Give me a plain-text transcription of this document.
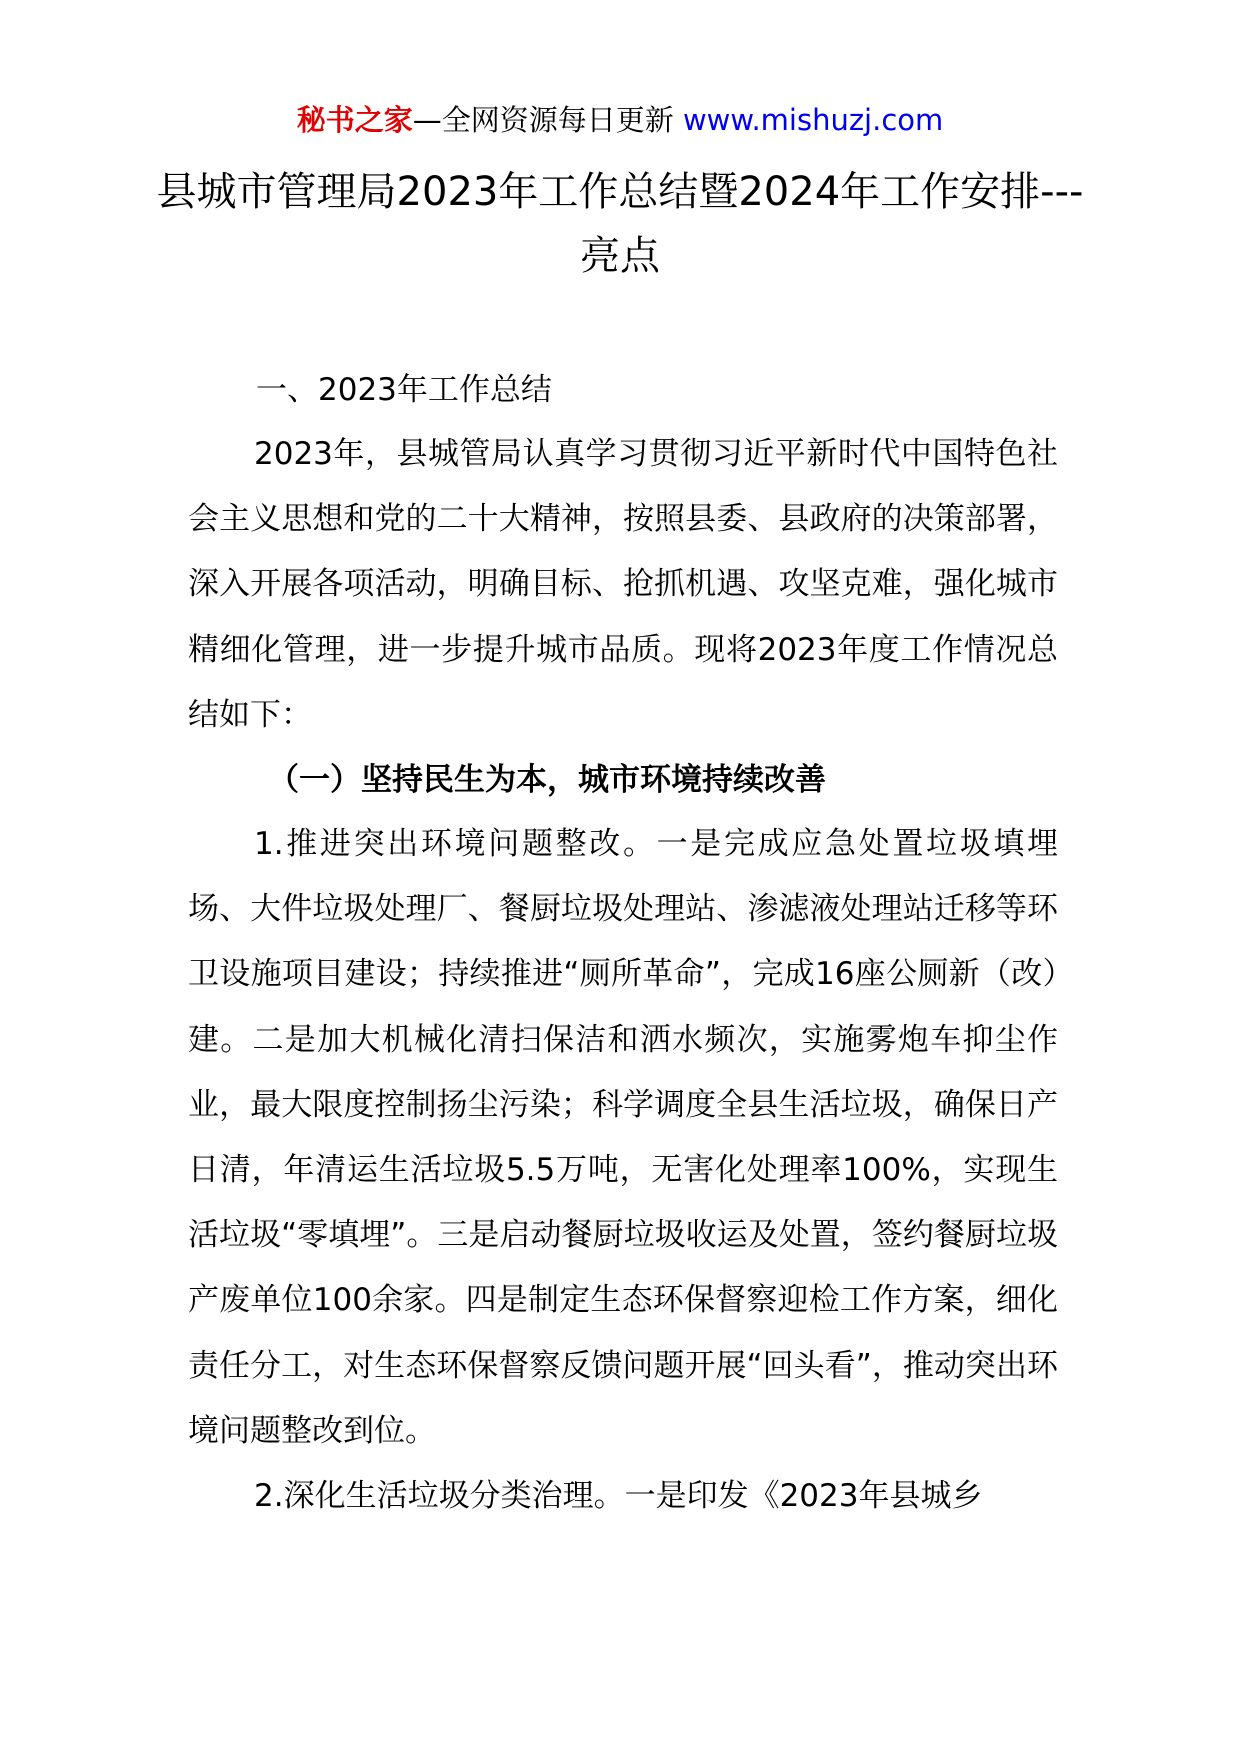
秘书之家—全网资源每日更新 www.mishuzj.com
县城市管理局2023年工作总结暨2024年工作安排---亮点
一、2023年工作总结

2023年，县城管局认真学习贯彻习近平新时代中国特色社会主义思想和党的二十大精神，按照县委、县政府的决策部署，深入开展各项活动，明确目标、抢抓机遇、攻坚克难，强化城市精细化管理，进一步提升城市品质。现将2023年度工作情况总结如下：

（一）坚持民生为本，城市环境持续改善

1.推进突出环境问题整改。一是完成应急处置垃圾填埋场、大件垃圾处理厂、餐厨垃圾处理站、渗滤液处理站迁移等环卫设施项目建设；持续推进“厕所革命”，完成16座公厕新（改）建。二是加大机械化清扫保洁和洒水频次，实施雾炮车抑尘作业，最大限度控制扬尘污染；科学调度全县生活垃圾，确保日产日清，年清运生活垃圾5.5万吨，无害化处理率100%，实现生活垃圾“零填埋”。三是启动餐厨垃圾收运及处置，签约餐厨垃圾产废单位100余家。四是制定生态环保督察迎检工作方案，细化责任分工，对生态环保督察反馈问题开展“回头看”，推动突出环境问题整改到位。

2.深化生活垃圾分类治理。一是印发《2023年县城乡
